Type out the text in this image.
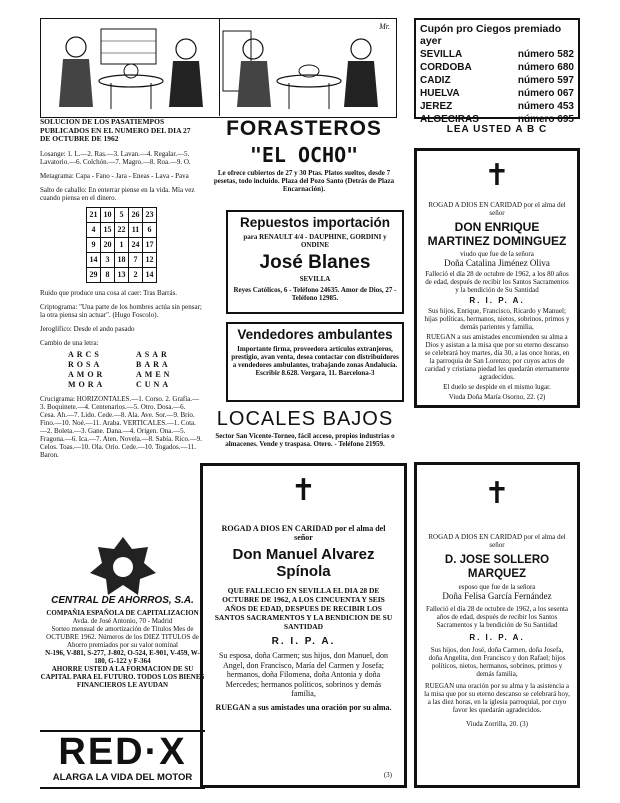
Mr.	Cupón pro Ciegos premiado ayer
SEVILLA	número 582
CORDOBA	número 680
CADIZ	número 597
HUELVA	número 067
JEREZ	número 453
ALGECIRAS	número 695
LEA USTED A B C
SOLUCION DE LOS PASATIEMPOS PUBLICADOS EN EL NUMERO DEL DIA 27 DE OCTUBRE DE 1962
Losange: 1. L.—2. Ras.—3. Lavan.—4. Regalar.—5. Lavatorio.—6. Colchón.—7. Magro.—8. Roa.—9. O.
Metagrama: Capa - Fano - Jara - Eneas - Lava - Pava
Salto de caballo: En enterrar piense en la vida. Mía vez cuando piensa en el dinero.
21	10	5	26	23
4	15	22	11	6
9	20	1	24	17
14	3	18	7	12
29	8	13	2	14
Ruido que produce una cosa al caer: Tras Barrás.
Criptograma: "Una parte de los hombres actúa sin pensar; la otra piensa sin actuar". (Hugo Foscolo).
Jeroglífico: Desde el ando pasado
Cambio de una letra:
ARCS	ASAR
ROSA	BARA
AMOR	AMEN
MORA	CUNA
Crucigrama: HORIZONTALES.—1. Corso. 2. Grafía.—3. Boquinete.—4. Centenarios.—5. Otro. Dosa.—6. Cesa. Ah.—7. Lido. Cede.—8. Ala. Ave. Sor.—9. Brío. Fino.—10. Noé.—11. Araba. VERTICALES.—1. Cota.—2. Boleta.—3. Gane. Dana.—4. Origen. Ona.—5. Fragona.—6. Ica.—7. Aten. Novela.—8. Sabía. Rico.—9. Celos. Toas.—10. Ola. Orío. Cede.—10. Togados.—11. Baron.
CENTRAL DE AHORROS, S.A.
COMPAÑIA ESPAÑOLA DE CAPITALIZACION
Avda. de José Antonio, 70 - Madrid
Sorteo mensual de amortización de Títulos Mes de OCTUBRE 1962. Números de los DIEZ TITULOS de Ahorro premiados por su valor nominal
N-196, V-881, S-277, J-802, O-524, E-901, V-459, W-180, G-122 y F-364
AHORRE USTED A LA FORMACION DE SU CAPITAL PARA EL FUTURO. TODOS LOS BIENES FINANCIEROS LE AYUDAN
RED·X
ALARGA LA VIDA DEL MOTOR
FORASTEROS
"EL OCHO"
Le ofrece cubiertos de 27 y 30 Ptas. Platos sueltos, desde 7 pesetas, todo incluido. Plaza del Pozo Santo (Detrás de Plaza Encarnación).
Repuestos importación
para RENAULT 4/4 - DAUPHINE, GORDINI y ONDINE
José Blanes
SEVILLA
Reyes Católicos, 6 - Teléfono 24635. Amor de Dios, 27 - Teléfono 12985.
Vendedores ambulantes
Importante firma, proveedora artículos extranjeros, prestigio, avan venta, desea contactar con distribuidores a vendedores ambulantes, trabajando zonas Andalucía. Escribir 8.628. Vergara, 11. Barcelona-3
LOCALES BAJOS
Sector San Vicente-Torneo, fácil acceso, propios industrias o almacenes. Vende y traspasa. Otero. - Teléfono 21959.
✝
ROGAD A DIOS EN CARIDAD por el alma del señor
Don Manuel Alvarez Spínola
QUE FALLECIO EN SEVILLA EL DIA 28 DE OCTUBRE DE 1962, A LOS CINCUENTA Y SEIS AÑOS DE EDAD, DESPUES DE RECIBIR LOS SANTOS SACRAMENTOS Y LA BENDICION DE SU SANTIDAD
R. I. P. A.
Su esposa, doña Carmen; sus hijos, don Manuel, don Angel, don Francisco, María del Carmen y Josefa; hermanos, doña Filomena, doña Antonia y doña Mercedes; hermanos políticos, sobrinos y demás familia,
RUEGAN a sus amistades una oración por su alma.
(3)
✝
ROGAD A DIOS EN CARIDAD por el alma del señor
DON ENRIQUE MARTINEZ DOMINGUEZ
viudo que fue de la señora
Doña Catalina Jiménez Oliva
Falleció el día 28 de octubre de 1962, a los 80 años de edad, después de recibir los Santos Sacramentos y la bendición de Su Santidad
R. I. P. A.
Sus hijos, Enrique, Francisco, Ricardo y Manuel; hijas políticas, hermanos, nietos, sobrinos, primos y demás parientes y familia,
RUEGAN a sus amistades encomienden su alma a Dios y asistan a la misa que por su eterno descanso se celebrará hoy martes, día 30, a las once horas, en la parroquia de San Lorenzo; por cuyos actos de caridad y cristiana piedad les quedarán eternamente agradecidos.
El duelo se despide en el mismo lugar.
Viuda Doña María Osorno, 22. (2)
✝
ROGAD A DIOS EN CARIDAD por el alma del señor
D. JOSE SOLLERO MARQUEZ
esposo que fue de la señora
Doña Felisa García Fernández
Falleció el día 28 de octubre de 1962, a los sesenta años de edad, después de recibir los Santos Sacramentos y la bendición de Su Santidad
R. I. P. A.
Sus hijos, don José, doña Carmen, doña Josefa, doña Angelita, don Francisco y don Rafael; hijos políticos, nietos, hermanos, sobrinos, primos y demás familia,
RUEGAN una oración por su alma y la asistencia a la misa que por su eterno descanso se celebrará hoy, a las diez horas, en la iglesia parroquial, por cuyo favor les quedarán agradecidos.
Viuda Zorrilla, 20. (3)
